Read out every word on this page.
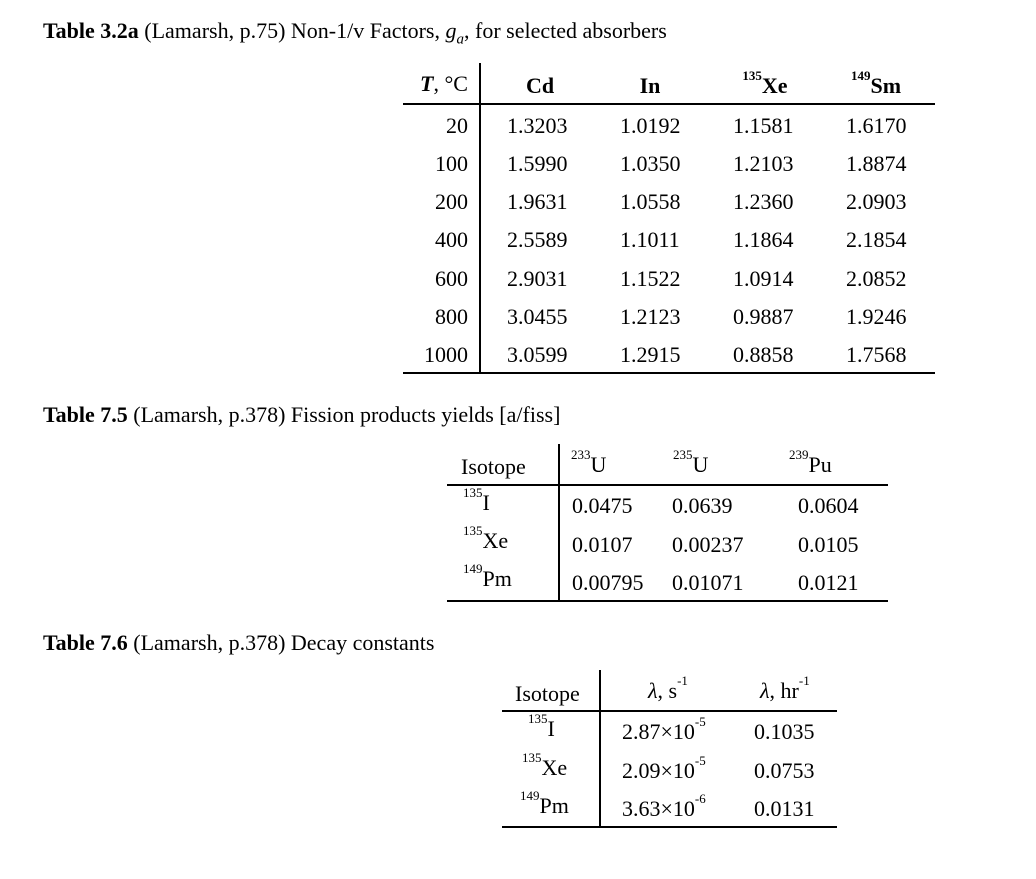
Table 3.2a (Lamarsh, p.75) Non-1/v Factors, $g_a$, for selected absorbers
T, °C	Cd	In	$^{135}$Xe	$^{149}$Sm
20 1.3203 1.0192 1.1581 1.6170
100 1.5990 1.0350 1.2103 1.8874
200 1.9631 1.0558 1.2360 2.0903
400 2.5589 1.1011 1.1864 2.1854
600 2.9031 1.1522 1.0914 2.0852
800 3.0455 1.2123 0.9887 1.9246
1000 3.0599 1.2915 0.8858 1.7568
Table 7.5 (Lamarsh, p.378) Fission products yields [a/fiss]
Isotope	$^{233}$U	$^{235}$U	$^{239}$Pu
$^{135}$I	0.0475 0.0639	0.0604
$^{135}$Xe	0.0107 0.00237 0.0105
$^{149}$Pm	0.00795 0.01071 0.0121
Table 7.6 (Lamarsh, p.378) Decay constants
Isotope	λ, $s^{-1}$	λ, $hr^{-1}$
$^{135}$I	$2.87\times 10^{-5}$ 0.1035
$^{135}$Xe $2.09\times 10^{-5}$ 0.0753
$^{149}$Pm $3.63\times 10^{-6}$ 0.0131
